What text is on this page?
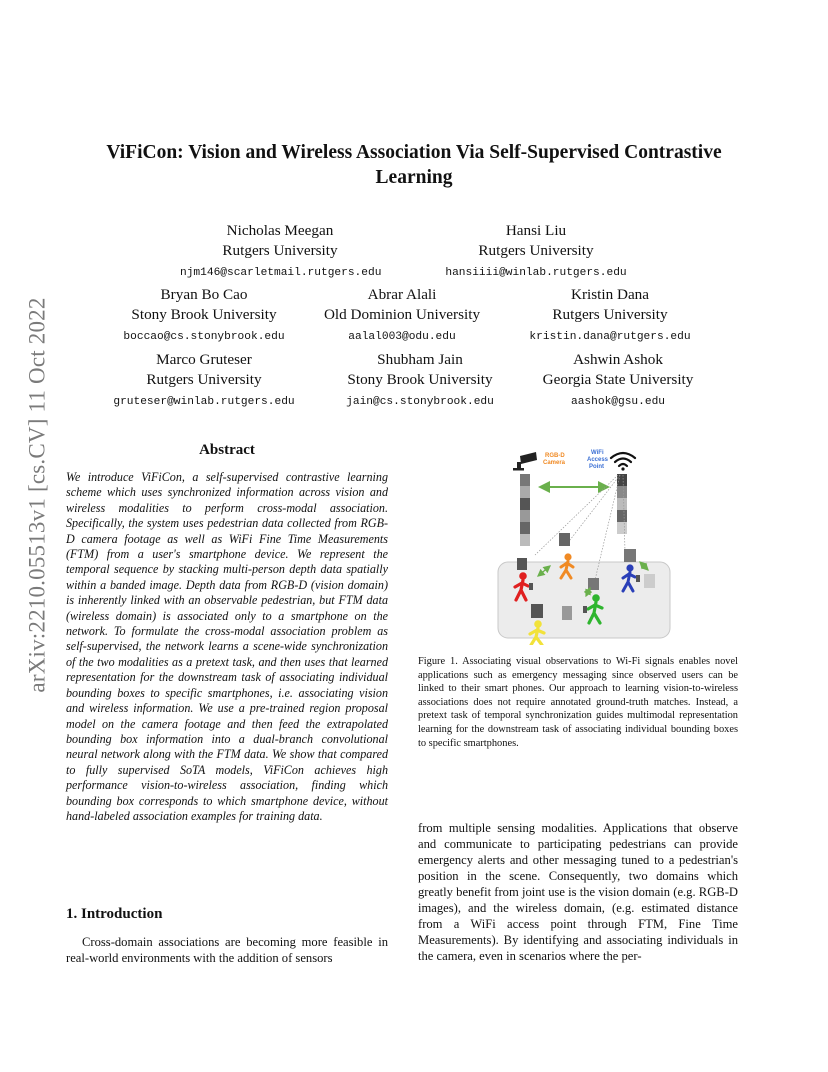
arXiv:2210.05513v1 [cs.CV] 11 Oct 2022
ViFiCon: Vision and Wireless Association Via Self-Supervised Contrastive Learning
Nicholas Meegan
Rutgers University
njm146@scarletmail.rutgers.edu
Hansi Liu
Rutgers University
hansiiii@winlab.rutgers.edu
Bryan Bo Cao
Stony Brook University
boccao@cs.stonybrook.edu
Abrar Alali
Old Dominion University
aalal003@odu.edu
Kristin Dana
Rutgers University
kristin.dana@rutgers.edu
Marco Gruteser
Rutgers University
gruteser@winlab.rutgers.edu
Shubham Jain
Stony Brook University
jain@cs.stonybrook.edu
Ashwin Ashok
Georgia State University
aashok@gsu.edu
Abstract

We introduce ViFiCon, a self-supervised contrastive learning scheme which uses synchronized information across vision and wireless modalities to perform cross-modal association. Specifically, the system uses pedestrian data collected from RGB-D camera footage as well as WiFi Fine Time Measurements (FTM) from a user's smartphone device. We represent the temporal sequence by stacking multi-person depth data spatially within a banded image. Depth data from RGB-D (vision domain) is inherently linked with an observable pedestrian, but FTM data (wireless domain) is associated only to a smartphone on the network. To formulate the cross-modal association problem as self-supervised, the network learns a scene-wide synchronization of the two modalities as a pretext task, and then uses that learned representation for the downstream task of associating individual bounding boxes to specific smartphones, i.e. associating vision and wireless information. We use a pre-trained region proposal model on the camera footage and then feed the extrapolated bounding box information into a dual-branch convolutional neural network along with the FTM data. We show that compared to fully supervised SoTA models, ViFiCon achieves high performance vision-to-wireless association, finding which bounding box corresponds to which smartphone device, without hand-labeled association examples for training data.

1. Introduction

Cross-domain associations are becoming more feasible in real-world environments with the addition of sensors

RGB-D Camera
WiFi Access Point

Figure 1. Associating visual observations to Wi-Fi signals enables novel applications such as emergency messaging since observed users can be linked to their smart phones. Our approach to learning vision-to-wireless associations does not require annotated ground-truth matches. Instead, a pretext task of temporal synchronization guides multimodal representation learning for the downstream task of associating individual bounding boxes to specific smartphones.

from multiple sensing modalities. Applications that observe and communicate to participating pedestrians can provide emergency alerts and other messaging tuned to a pedestrian's position in the scene. Consequently, two domains which greatly benefit from joint use is the vision domain (e.g. RGB-D images), and the wireless domain, (e.g. estimated distance from a WiFi access point through FTM, Fine Time Measurements). By identifying and associating individuals in the camera, even in scenarios where the per-
